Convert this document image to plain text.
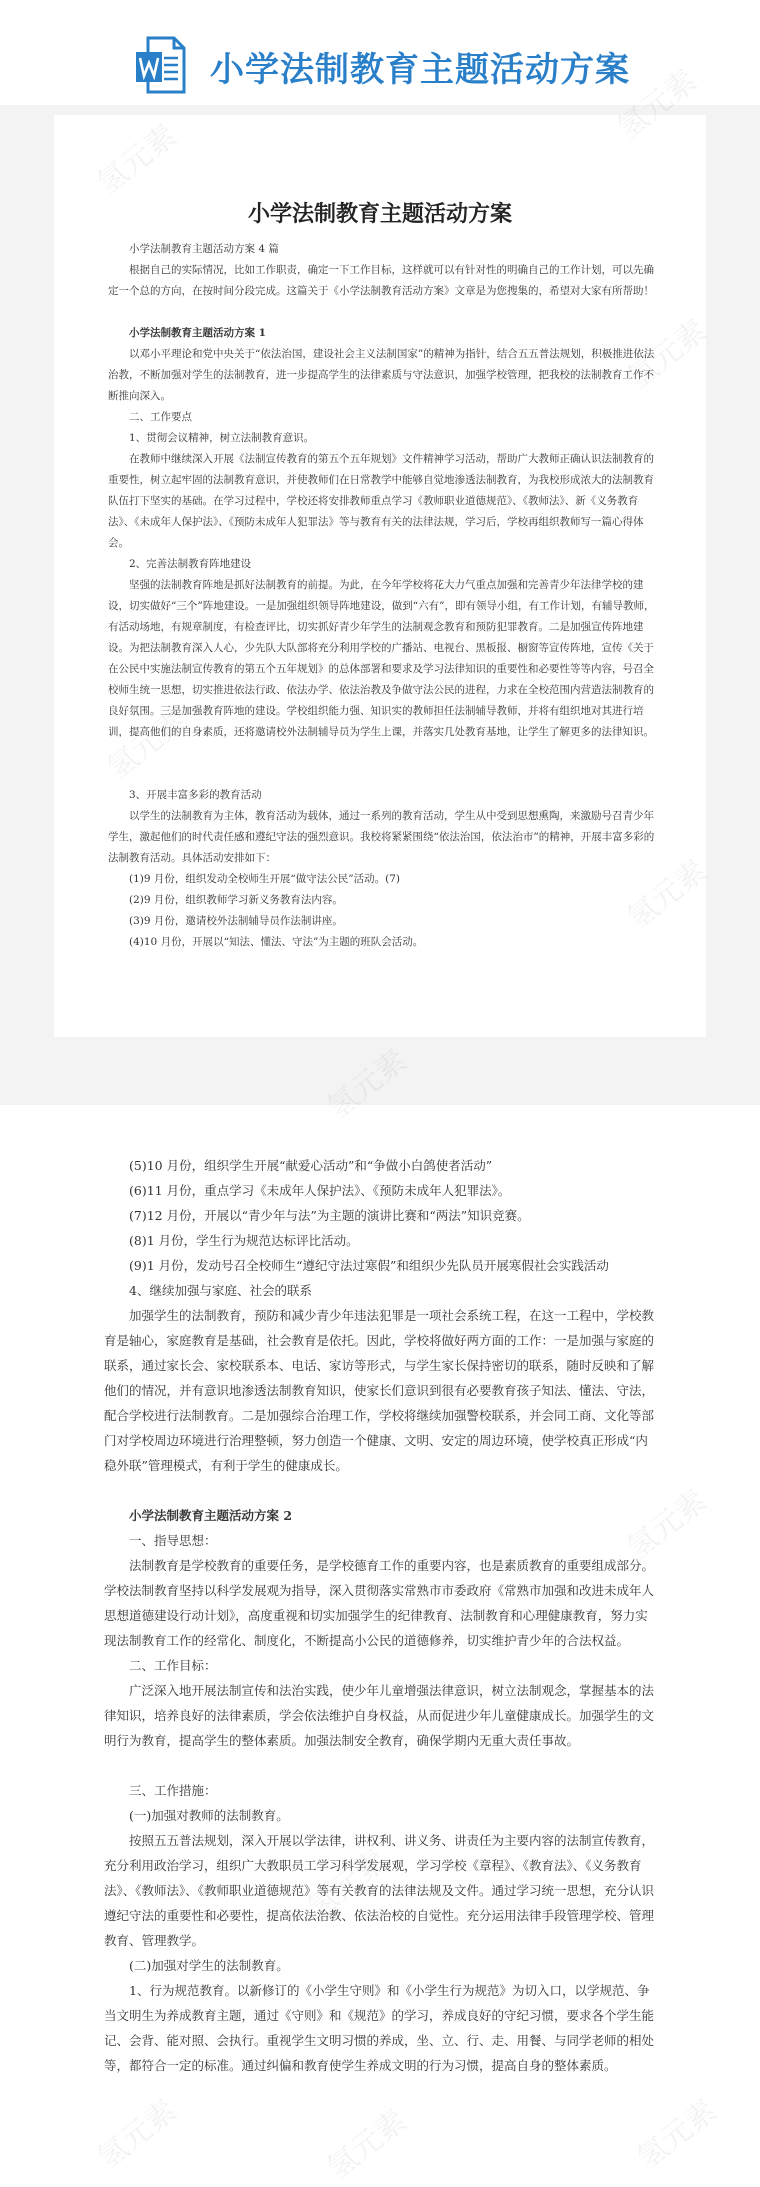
小学法制教育主题活动方案
小学法制教育主题活动方案
小学法制教育主题活动方案 4 篇
根据自己的实际情况，比如工作职责，确定一下工作目标，这样就可以有针对性的明确自己的工作计划，可以先确定一个总的方向，在按时间分段完成。这篇关于《小学法制教育活动方案》文章是为您搜集的，希望对大家有所帮助！
小学法制教育主题活动方案 1
以邓小平理论和党中央关于“依法治国，建设社会主义法制国家”的精神为指针，结合五五普法规划，积极推进依法治教，不断加强对学生的法制教育，进一步提高学生的法律素质与守法意识，加强学校管理，把我校的法制教育工作不断推向深入。
二、工作要点
1、贯彻会议精神，树立法制教育意识。
在教师中继续深入开展《法制宣传教育的第五个五年规划》文件精神学习活动，帮助广大教师正确认识法制教育的重要性，树立起牢固的法制教育意识，并使教师们在日常教学中能够自觉地渗透法制教育，为我校形成浓大的法制教育队伍打下坚实的基础。在学习过程中，学校还将安排教师重点学习《教师职业道德规范》、《教师法》、新《义务教育法》、《未成年人保护法》、《预防未成年人犯罪法》等与教育有关的法律法规，学习后，学校再组织教师写一篇心得体会。
2、完善法制教育阵地建设
坚强的法制教育阵地是抓好法制教育的前提。为此，在今年学校将花大力气重点加强和完善青少年法律学校的建设，切实做好“三个”阵地建设。一是加强组织领导阵地建设，做到“六有”，即有领导小组，有工作计划，有辅导教师，有活动场地，有规章制度，有检查评比，切实抓好青少年学生的法制观念教育和预防犯罪教育。二是加强宣传阵地建设。为把法制教育深入人心，少先队大队部将充分利用学校的广播站、电视台、黑板报、橱窗等宣传阵地，宣传《关于在公民中实施法制宣传教育的第五个五年规划》的总体部署和要求及学习法律知识的重要性和必要性等等内容，号召全校师生统一思想，切实推进依法行政、依法办学、依法治教及争做守法公民的进程，力求在全校范围内营造法制教育的良好氛围。三是加强教育阵地的建设。学校组织能力强、知识实的教师担任法制辅导教师，并将有组织地对其进行培训，提高他们的自身素质，还将邀请校外法制辅导员为学生上课，并落实几处教育基地，让学生了解更多的法律知识。
3、开展丰富多彩的教育活动
以学生的法制教育为主体，教育活动为载体，通过一系列的教育活动，学生从中受到思想熏陶，来激励号召青少年学生，激起他们的时代责任感和遵纪守法的强烈意识。我校将紧紧围绕“依法治国，依法治市”的精神，开展丰富多彩的法制教育活动。具体活动安排如下：
(1)9 月份，组织发动全校师生开展“做守法公民”活动。(7)
(2)9 月份，组织教师学习新义务教育法内容。
(3)9 月份，邀请校外法制辅导员作法制讲座。
(4)10 月份，开展以“知法、懂法、守法”为主题的班队会活动。
(5)10 月份，组织学生开展“献爱心活动”和“争做小白鸽使者活动”
(6)11 月份，重点学习《未成年人保护法》、《预防未成年人犯罪法》。
(7)12 月份，开展以“青少年与法”为主题的演讲比赛和“两法”知识竞赛。
(8)1 月份，学生行为规范达标评比活动。
(9)1 月份，发动号召全校师生“遵纪守法过寒假”和组织少先队员开展寒假社会实践活动
4、继续加强与家庭、社会的联系
加强学生的法制教育，预防和减少青少年违法犯罪是一项社会系统工程，在这一工程中，学校教育是轴心，家庭教育是基础，社会教育是依托。因此，学校将做好两方面的工作：一是加强与家庭的联系，通过家长会、家校联系本、电话、家访等形式，与学生家长保持密切的联系，随时反映和了解他们的情况，并有意识地渗透法制教育知识，使家长们意识到很有必要教育孩子知法、懂法、守法，配合学校进行法制教育。二是加强综合治理工作，学校将继续加强警校联系，并会同工商、文化等部门对学校周边环境进行治理整顿，努力创造一个健康、文明、安定的周边环境，使学校真正形成“内稳外联”管理模式，有利于学生的健康成长。
小学法制教育主题活动方案 2
一、指导思想：
法制教育是学校教育的重要任务，是学校德育工作的重要内容，也是素质教育的重要组成部分。学校法制教育坚持以科学发展观为指导，深入贯彻落实常熟市市委政府《常熟市加强和改进未成年人思想道德建设行动计划》，高度重视和切实加强学生的纪律教育、法制教育和心理健康教育，努力实现法制教育工作的经常化、制度化，不断提高小公民的道德修养，切实维护青少年的合法权益。
二、工作目标：
广泛深入地开展法制宣传和法治实践，使少年儿童增强法律意识，树立法制观念，掌握基本的法律知识，培养良好的法律素质，学会依法维护自身权益，从而促进少年儿童健康成长。加强学生的文明行为教育，提高学生的整体素质。加强法制安全教育，确保学期内无重大责任事故。
三、工作措施：
(一)加强对教师的法制教育。
按照五五普法规划，深入开展以学法律，讲权利、讲义务、讲责任为主要内容的法制宣传教育，充分利用政治学习，组织广大教职员工学习科学发展观，学习学校《章程》、《教育法》、《义务教育法》、《教师法》、《教师职业道德规范》等有关教育的法律法规及文件。通过学习统一思想，充分认识遵纪守法的重要性和必要性，提高依法治教、依法治校的自觉性。充分运用法律手段管理学校、管理教育、管理教学。
(二)加强对学生的法制教育。
1、行为规范教育。以新修订的《小学生守则》和《小学生行为规范》为切入口，以学规范、争当文明生为养成教育主题，通过《守则》和《规范》的学习，养成良好的守纪习惯，要求各个学生能记、会背、能对照、会执行。重视学生文明习惯的养成，坐、立、行、走、用餐、与同学老师的相处等，都符合一定的标准。通过纠偏和教育使学生养成文明的行为习惯，提高自身的整体素质。
